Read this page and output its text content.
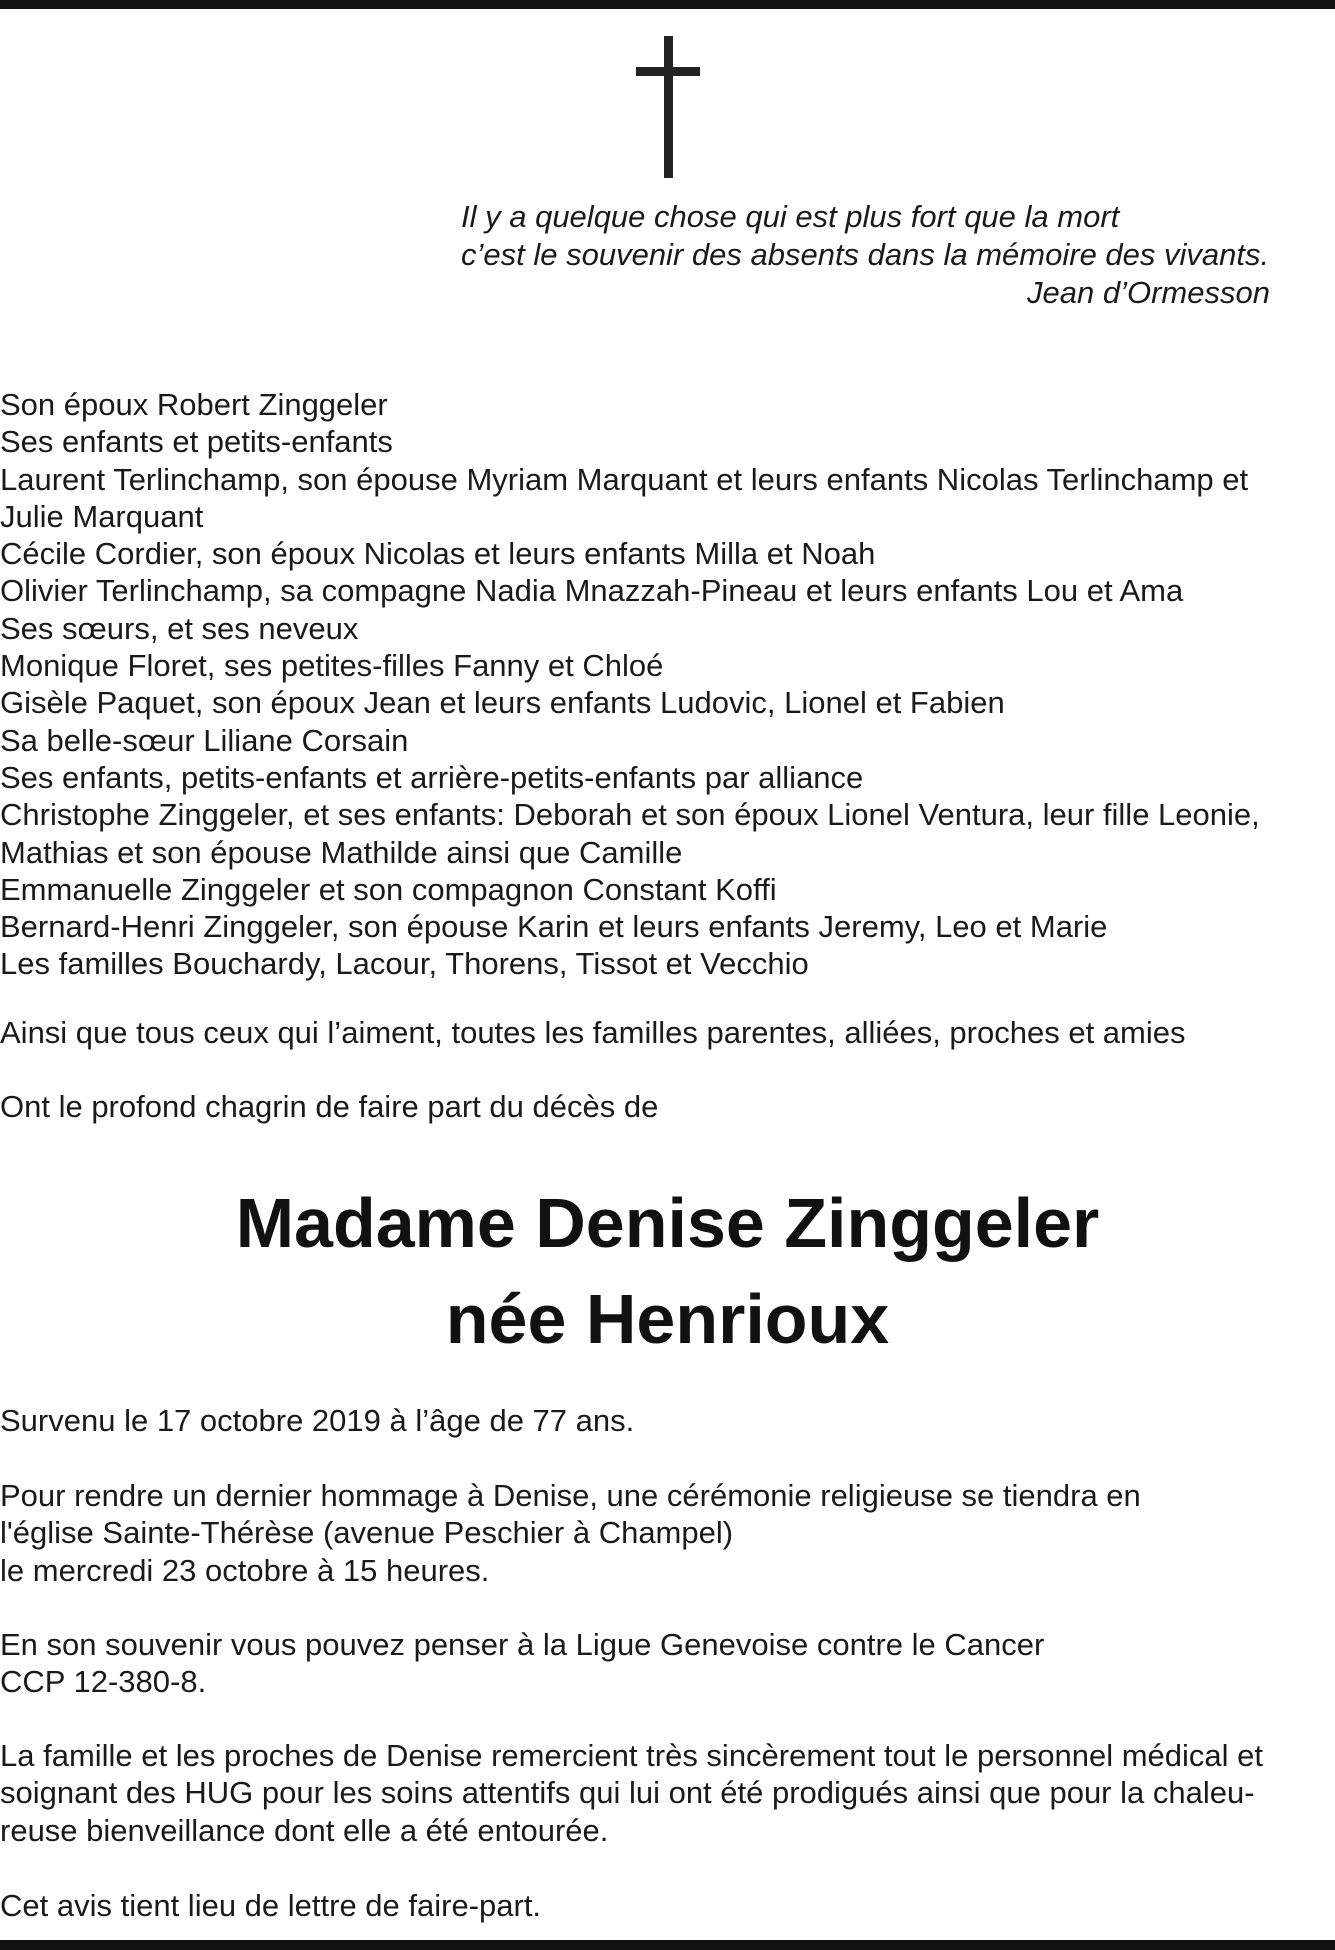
Il y a quelque chose qui est plus fort que la mort
c’est le souvenir des absents dans la mémoire des vivants.
Jean d’Ormesson
Son époux Robert Zinggeler
Ses enfants et petits-enfants
Laurent Terlinchamp, son épouse Myriam Marquant et leurs enfants Nicolas Terlinchamp et
Julie Marquant
Cécile Cordier, son époux Nicolas et leurs enfants Milla et Noah
Olivier Terlinchamp, sa compagne Nadia Mnazzah-Pineau et leurs enfants Lou et Ama
Ses sœurs, et ses neveux
Monique Floret, ses petites-filles Fanny et Chloé
Gisèle Paquet, son époux Jean et leurs enfants Ludovic, Lionel et Fabien
Sa belle-sœur Liliane Corsain
Ses enfants, petits-enfants et arrière-petits-enfants par alliance
Christophe Zinggeler, et ses enfants: Deborah et son époux Lionel Ventura, leur fille Leonie,
Mathias et son épouse Mathilde ainsi que Camille
Emmanuelle Zinggeler et son compagnon Constant Koffi
Bernard-Henri Zinggeler, son épouse Karin et leurs enfants Jeremy, Leo et Marie
Les familles Bouchardy, Lacour, Thorens, Tissot et Vecchio
Ainsi que tous ceux qui l’aiment, toutes les familles parentes, alliées, proches et amies
Ont le profond chagrin de faire part du décès de
Madame Denise Zinggeler
née Henrioux
Survenu le 17 octobre 2019 à l’âge de 77 ans.
Pour rendre un dernier hommage à Denise, une cérémonie religieuse se tiendra en
l'église Sainte-Thérèse (avenue Peschier à Champel)
le mercredi 23 octobre à 15 heures.
En son souvenir vous pouvez penser à la Ligue Genevoise contre le Cancer
CCP 12-380-8.
La famille et les proches de Denise remercient très sincèrement tout le personnel médical et
soignant des HUG pour les soins attentifs qui lui ont été prodigués ainsi que pour la chaleu-
reuse bienveillance dont elle a été entourée.
Cet avis tient lieu de lettre de faire-part.
